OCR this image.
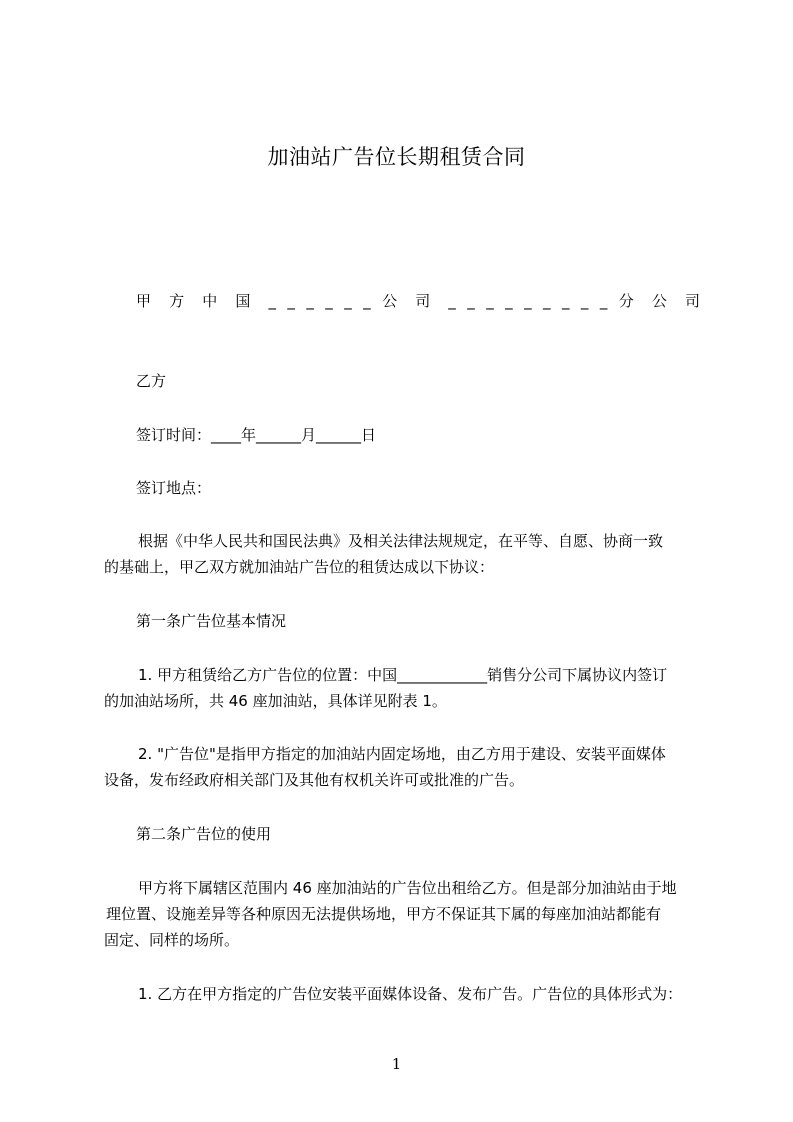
加油站广告位长期租赁合同
甲 方 中 国 _ _ _ _ _ _ 公 司 _ _ _ _ _ _ _ _ _ 分 公 司
乙方
签订时间：____年______月______日
签订地点：
根据《中华人民共和国民法典》及相关法律法规规定，在平等、自愿、协商一致
的基础上，甲乙双方就加油站广告位的租赁达成以下协议：
第一条广告位基本情况
1. 甲方租赁给乙方广告位的位置：中国____________销售分公司下属协议内签订
的加油站场所，共 46 座加油站，具体详见附表 1。
2. "广告位"是指甲方指定的加油站内固定场地，由乙方用于建设、安装平面媒体
设备，发布经政府相关部门及其他有权机关许可或批准的广告。
第二条广告位的使用
甲方将下属辖区范围内 46 座加油站的广告位出租给乙方。但是部分加油站由于地
理位置、设施差异等各种原因无法提供场地，甲方不保证其下属的每座加油站都能有
固定、同样的场所。
1. 乙方在甲方指定的广告位安装平面媒体设备、发布广告。广告位的具体形式为：
1
